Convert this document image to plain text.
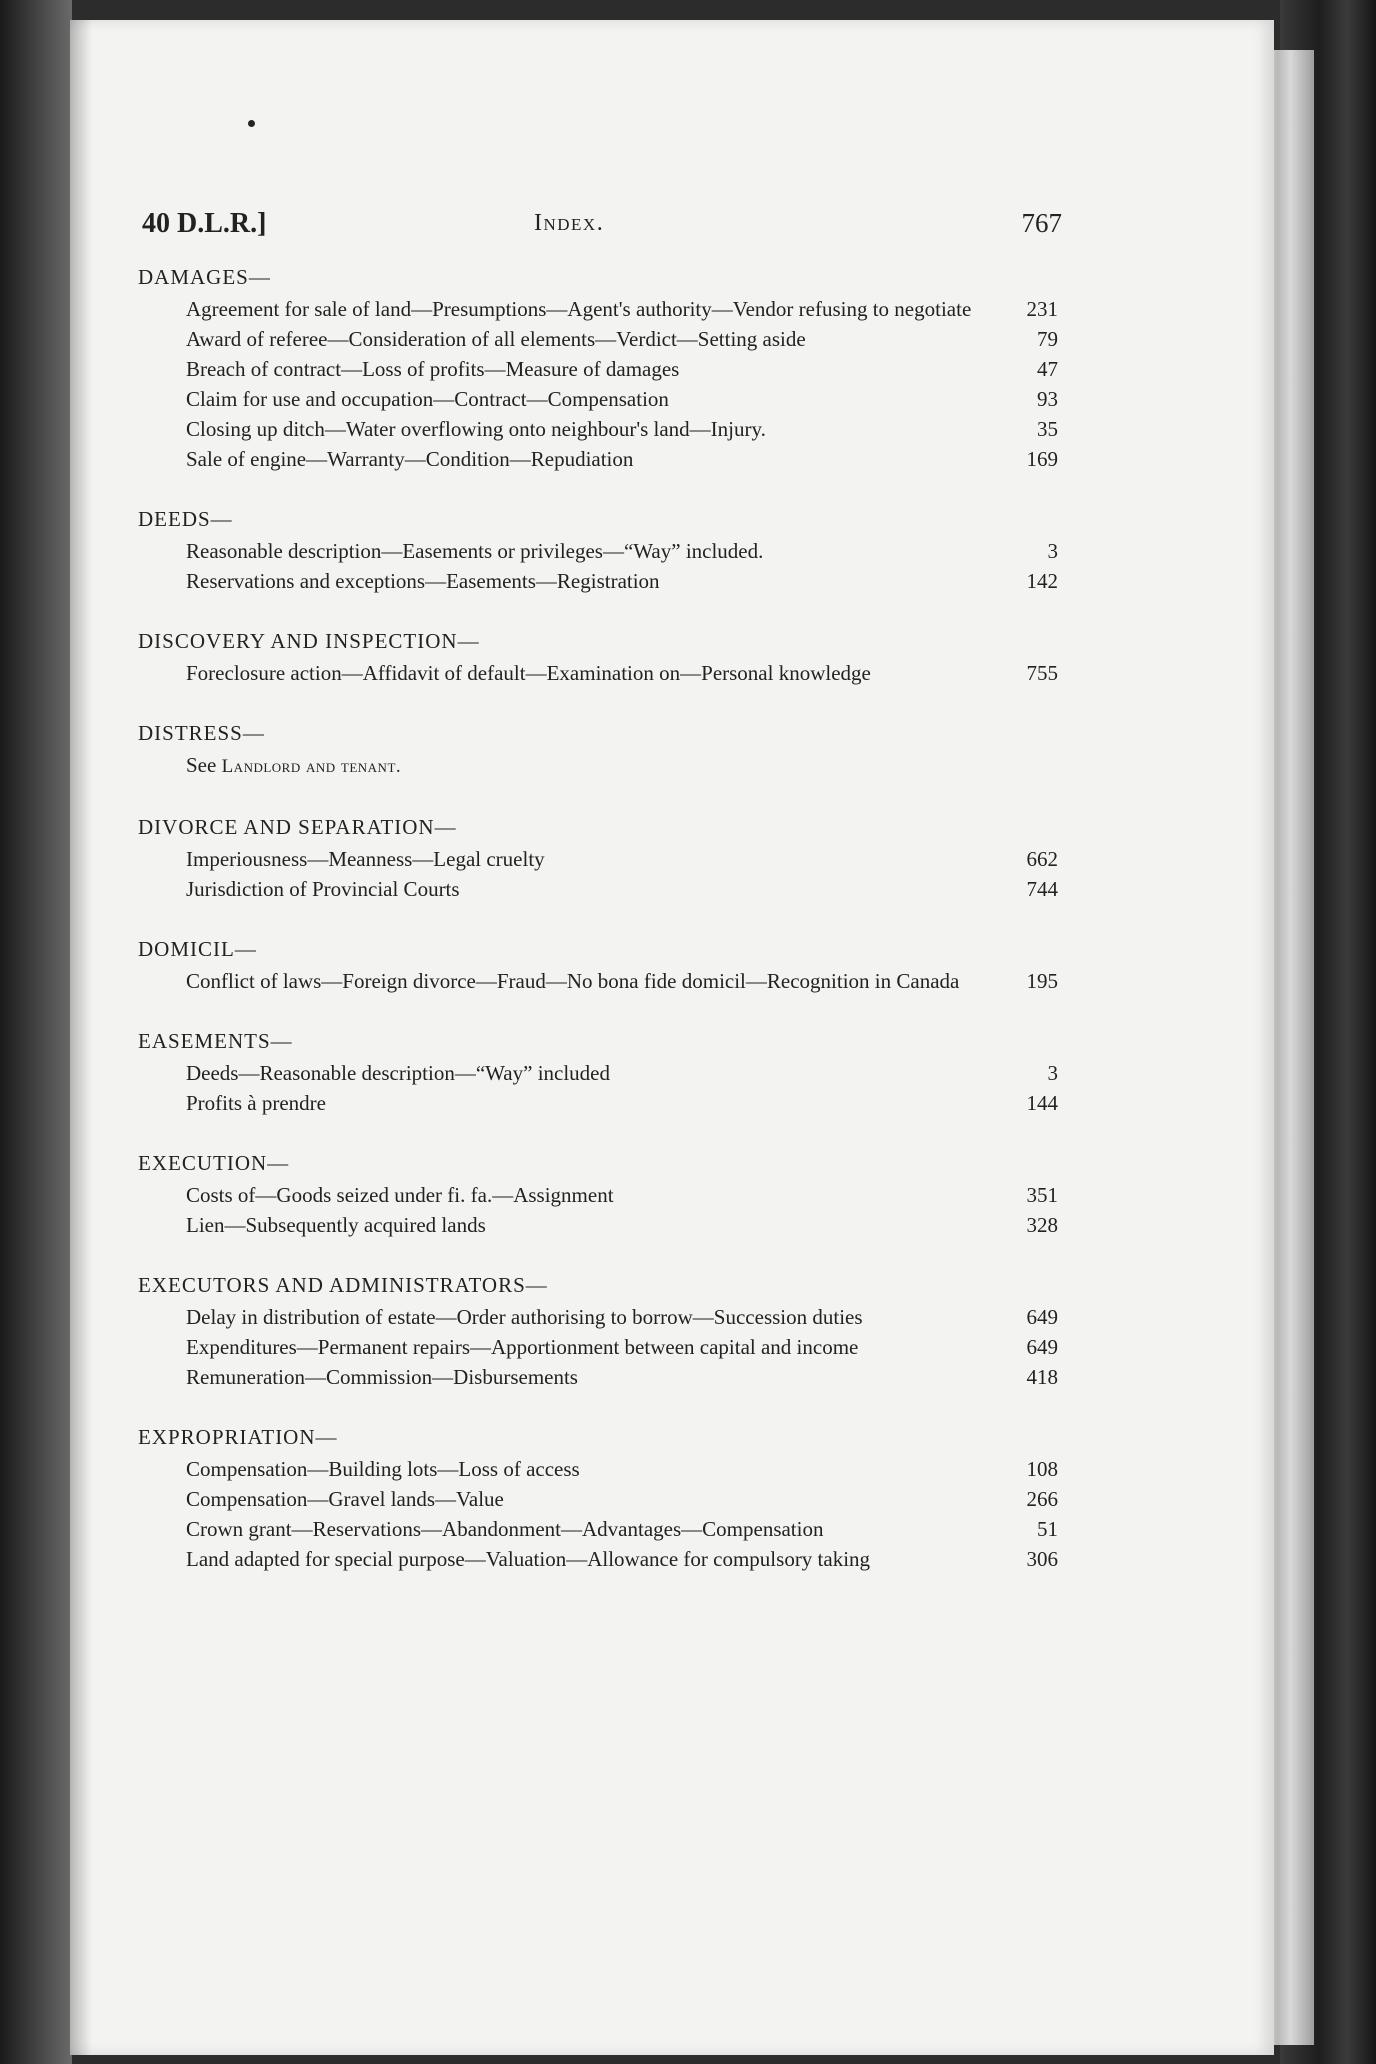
40 D.L.R.]	Index.	767
DAMAGES—
Agreement for sale of land—Presumptions—Agent's authority—Vendor refusing to negotiate	231
Award of referee—Consideration of all elements—Verdict—Setting aside	79
Breach of contract—Loss of profits—Measure of damages	47
Claim for use and occupation—Contract—Compensation	93
Closing up ditch—Water overflowing onto neighbour's land—Injury.	35
Sale of engine—Warranty—Condition—Repudiation	169
DEEDS—
Reasonable description—Easements or privileges—“Way” included.	3
Reservations and exceptions—Easements—Registration	142
DISCOVERY AND INSPECTION—
Foreclosure action—Affidavit of default—Examination on—Personal knowledge	755
DISTRESS—
See Landlord and tenant.
DIVORCE AND SEPARATION—
Imperiousness—Meanness—Legal cruelty	662
Jurisdiction of Provincial Courts	744
DOMICIL—
Conflict of laws—Foreign divorce—Fraud—No bona fide domicil—Recognition in Canada	195
EASEMENTS—
Deeds—Reasonable description—“Way” included	3
Profits à prendre	144
EXECUTION—
Costs of—Goods seized under fi. fa.—Assignment	351
Lien—Subsequently acquired lands	328
EXECUTORS AND ADMINISTRATORS—
Delay in distribution of estate—Order authorising to borrow—Succession duties	649
Expenditures—Permanent repairs—Apportionment between capital and income	649
Remuneration—Commission—Disbursements	418
EXPROPRIATION—
Compensation—Building lots—Loss of access	108
Compensation—Gravel lands—Value	266
Crown grant—Reservations—Abandonment—Advantages—Compensation	51
Land adapted for special purpose—Valuation—Allowance for compulsory taking	306
